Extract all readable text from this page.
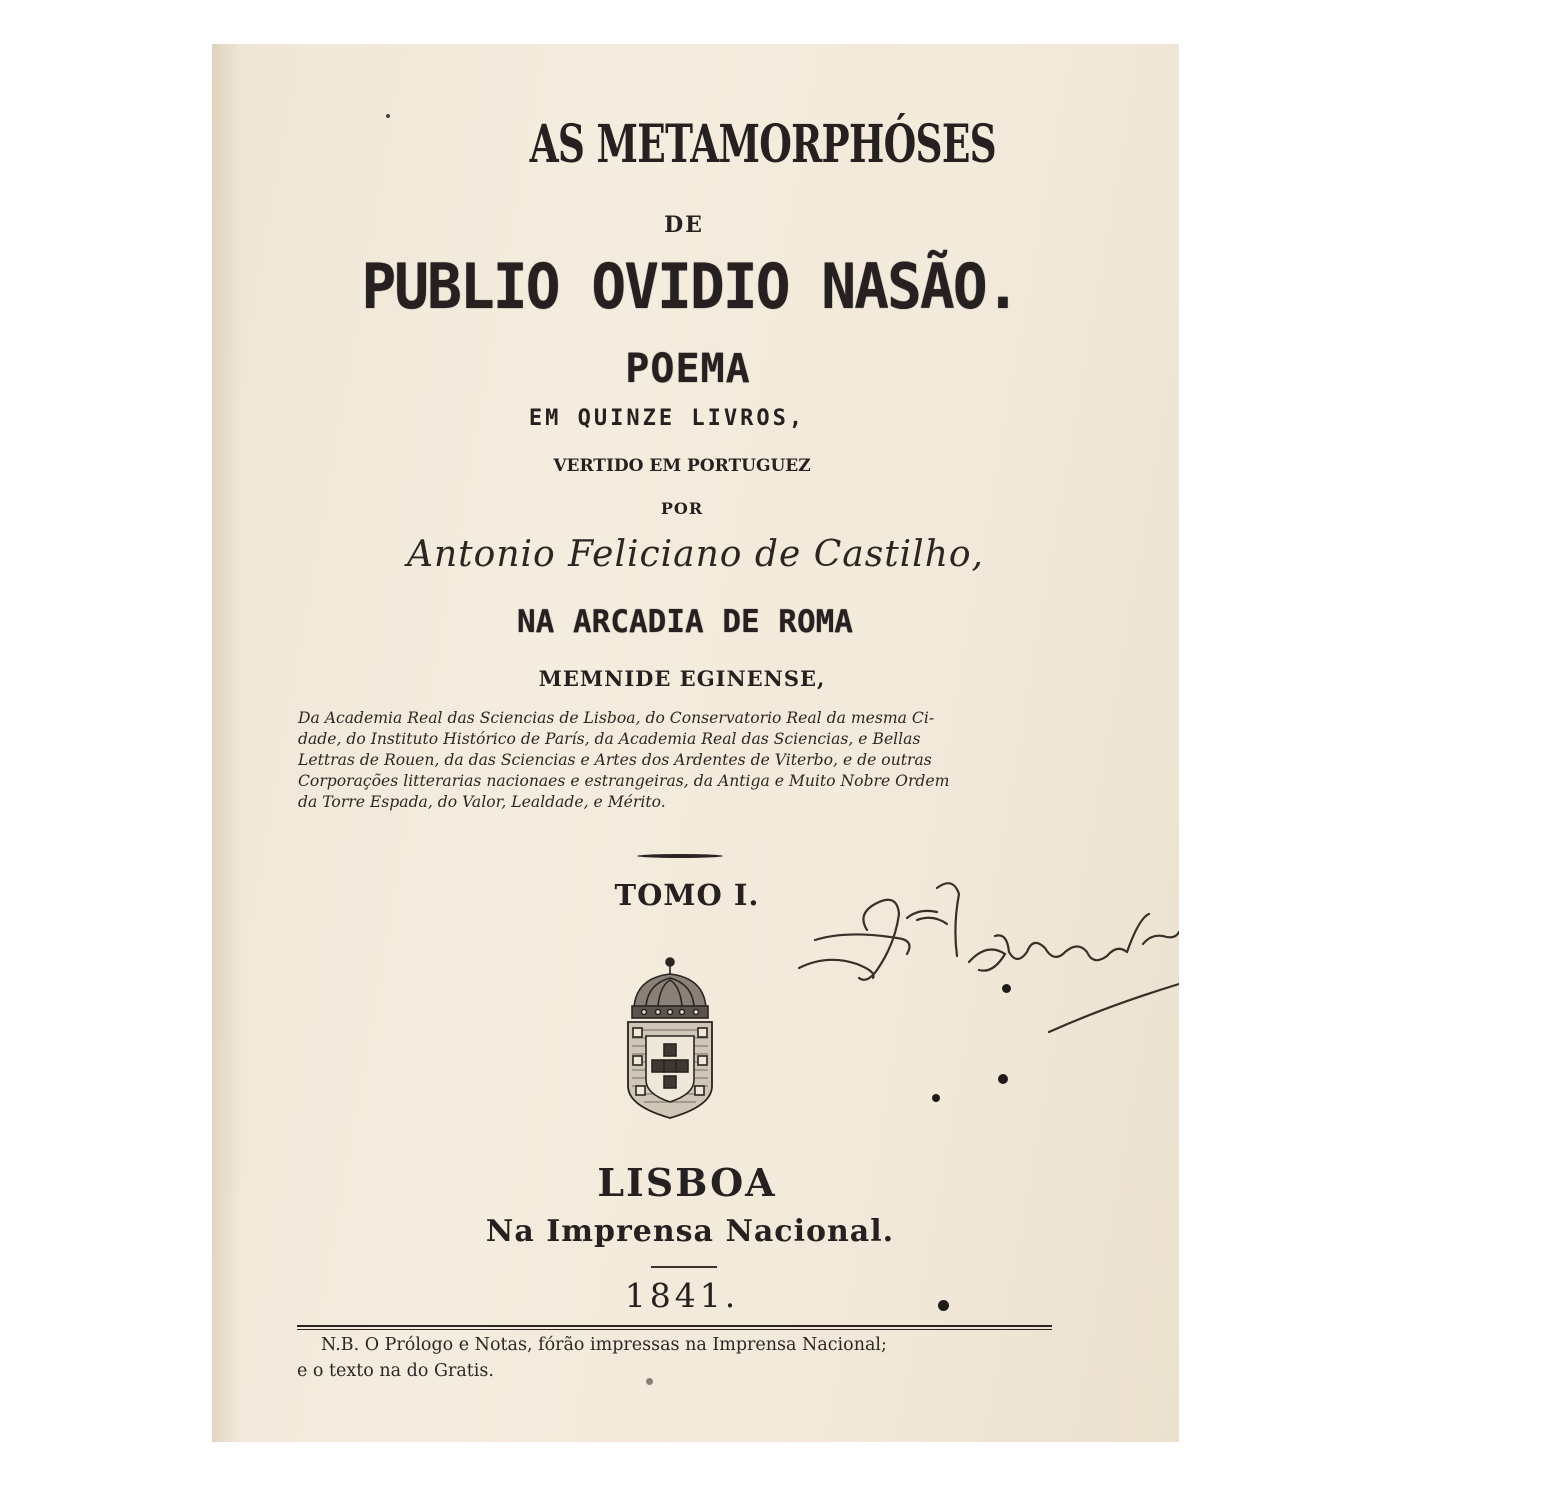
AS METAMORPHÓSES
DE
PUBLIO OVIDIO NASÃO.
POEMA
EM QUINZE LIVROS,
VERTIDO EM PORTUGUEZ
POR
Antonio Feliciano de Castilho,
NA ARCADIA DE ROMA
MEMNIDE EGINENSE,
Da Academia Real das Sciencias de Lisboa, do Conservatorio Real da mesma Ci-
dade, do Instituto Histórico de París, da Academia Real das Sciencias, e Bellas
Lettras de Rouen, da das Sciencias e Artes dos Ardentes de Viterbo, e de outras
Corporações litterarias nacionaes e estrangeiras, da Antiga e Muito Nobre Ordem
da Torre Espada, do Valor, Lealdade, e Mérito.
TOMO I.
LISBOA
Na Imprensa Nacional.
1841.
N.B. O Prólogo e Notas, fórão impressas na Imprensa Nacional;
e o texto na do Gratis.
